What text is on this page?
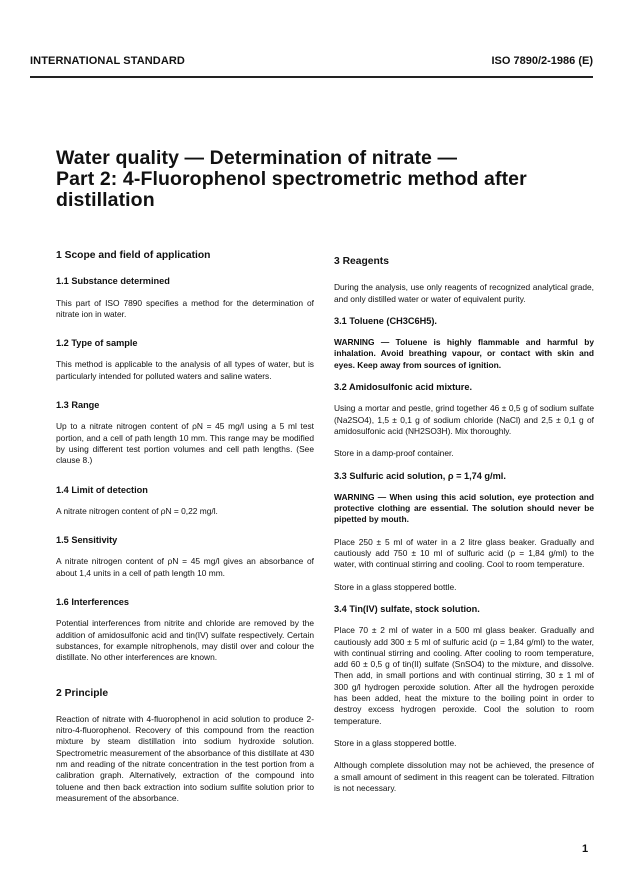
INTERNATIONAL STANDARD	ISO 7890/2-1986 (E)
Water quality — Determination of nitrate —
Part 2: 4-Fluorophenol spectrometric method after
distillation
1 Scope and field of application
1.1 Substance determined
This part of ISO 7890 specifies a method for the determination of nitrate ion in water.
1.2 Type of sample
This method is applicable to the analysis of all types of water, but is particularly intended for polluted waters and saline waters.
1.3 Range
Up to a nitrate nitrogen content of ρN = 45 mg/l using a 5 ml test portion, and a cell of path length 10 mm. This range may be modified by using different test portion volumes and cell path lengths. (See clause 8.)
1.4 Limit of detection
A nitrate nitrogen content of ρN = 0,22 mg/l.
1.5 Sensitivity
A nitrate nitrogen content of ρN = 45 mg/l gives an absorbance of about 1,4 units in a cell of path length 10 mm.
1.6 Interferences
Potential interferences from nitrite and chloride are removed by the addition of amidosulfonic acid and tin(IV) sulfate respectively. Certain substances, for example nitrophenols, may distil over and colour the distillate. No other interferences are known.
2 Principle
Reaction of nitrate with 4-fluorophenol in acid solution to produce 2-nitro-4-fluorophenol. Recovery of this compound from the reaction mixture by steam distillation into sodium hydroxide solution. Spectrometric measurement of the absorbance of this distillate at 430 nm and reading of the nitrate concentration in the test portion from a calibration graph. Alternatively, extraction of the compound into toluene and then back extraction into sodium sulfite solution prior to measurement of the absorbance.
3 Reagents
During the analysis, use only reagents of recognized analytical grade, and only distilled water or water of equivalent purity.
3.1 Toluene (CH3C6H5).
WARNING — Toluene is highly flammable and harmful by inhalation. Avoid breathing vapour, or contact with skin and eyes. Keep away from sources of ignition.
3.2 Amidosulfonic acid mixture.
Using a mortar and pestle, grind together 46 ± 0,5 g of sodium sulfate (Na2SO4), 1,5 ± 0,1 g of sodium chloride (NaCl) and 2,5 ± 0,1 g of amidosulfonic acid (NH2SO3H). Mix thoroughly.
Store in a damp-proof container.
3.3 Sulfuric acid solution, ρ = 1,74 g/ml.
WARNING — When using this acid solution, eye protection and protective clothing are essential. The solution should never be pipetted by mouth.
Place 250 ± 5 ml of water in a 2 litre glass beaker. Gradually and cautiously add 750 ± 10 ml of sulfuric acid (ρ = 1,84 g/ml) to the water, with continual stirring and cooling. Cool to room temperature.
Store in a glass stoppered bottle.
3.4 Tin(IV) sulfate, stock solution.
Place 70 ± 2 ml of water in a 500 ml glass beaker. Gradually and cautiously add 300 ± 5 ml of sulfuric acid (ρ = 1,84 g/ml) to the water, with continual stirring and cooling. After cooling to room temperature, add 60 ± 0,5 g of tin(II) sulfate (SnSO4) to the mixture, and dissolve. Then add, in small portions and with continual stirring, 30 ± 1 ml of 300 g/l hydrogen peroxide solution. After all the hydrogen peroxide has been added, heat the mixture to the boiling point in order to destroy excess hydrogen peroxide. Cool the solution to room temperature.
Store in a glass stoppered bottle.
Although complete dissolution may not be achieved, the presence of a small amount of sediment in this reagent can be tolerated. Filtration is not necessary.
1
